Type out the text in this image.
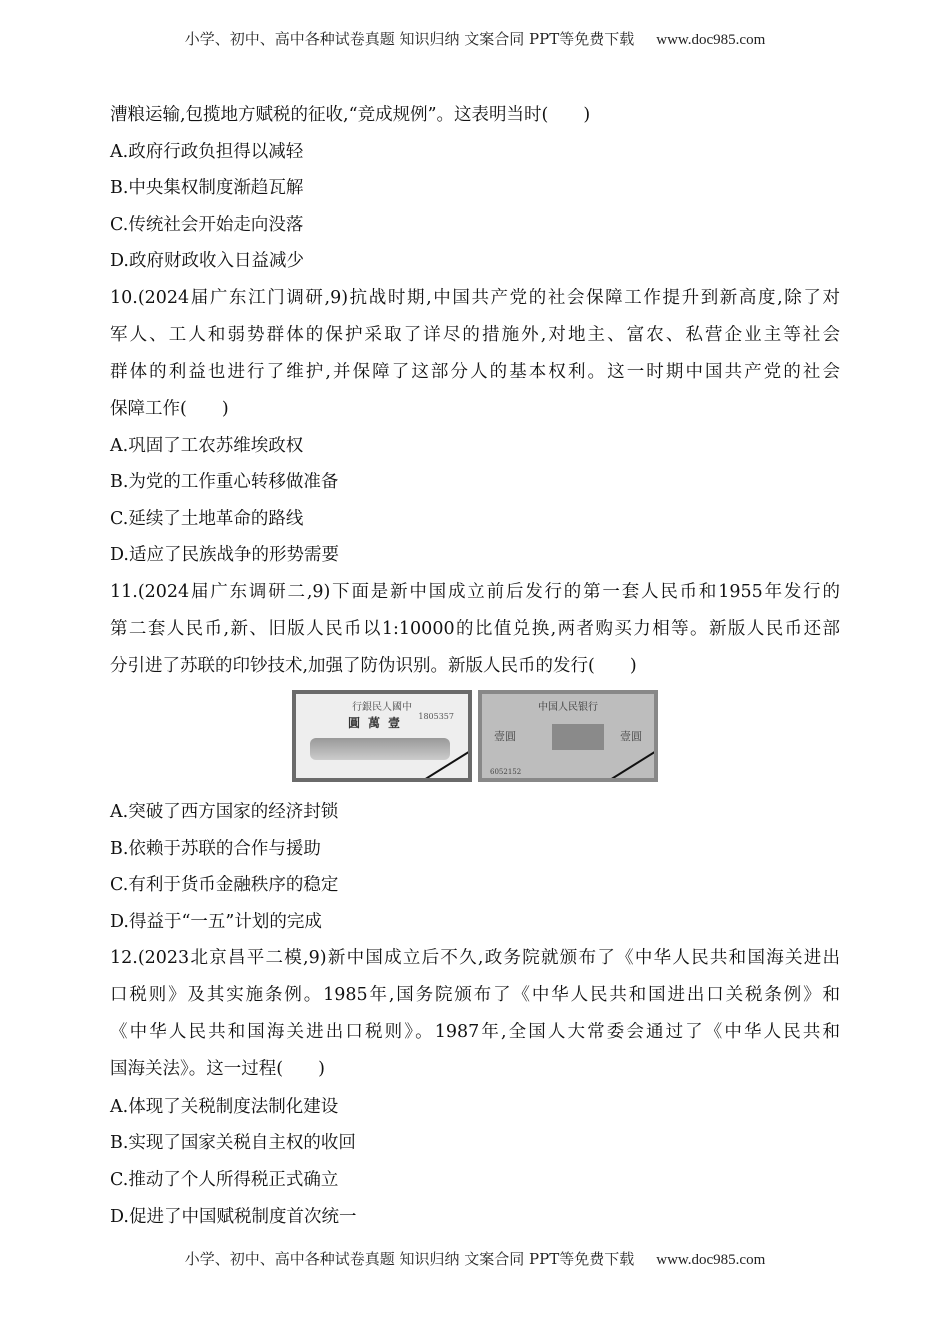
小学、初中、高中各种试卷真题 知识归纳 文案合同 PPT等免费下载 www.doc985.com
漕粮运输,包揽地方赋税的征收,“竞成规例”。这表明当时(　　)
A.政府行政负担得以减轻
B.中央集权制度渐趋瓦解
C.传统社会开始走向没落
D.政府财政收入日益减少
10.(2024届广东江门调研,9)抗战时期,中国共产党的社会保障工作提升到新高度,除了对
军人、工人和弱势群体的保护采取了详尽的措施外,对地主、富农、私营企业主等社会
群体的利益也进行了维护,并保障了这部分人的基本权利。这一时期中国共产党的社会
保障工作(　　)
A.巩固了工农苏维埃政权
B.为党的工作重心转移做准备
C.延续了土地革命的路线
D.适应了民族战争的形势需要
11.(2024届广东调研二,9)下面是新中国成立前后发行的第一套人民币和1955年发行的
第二套人民币,新、旧版人民币以1:10000的比值兑换,两者购买力相等。新版人民币还部
分引进了苏联的印钞技术,加强了防伪识别。新版人民币的发行(　　)
行銀民人國中
圓萬壹 1805357
中国人民银行
壹圓	壹圓
6052152
A.突破了西方国家的经济封锁
B.依赖于苏联的合作与援助
C.有利于货币金融秩序的稳定
D.得益于“一五”计划的完成
12.(2023北京昌平二模,9)新中国成立后不久,政务院就颁布了《中华人民共和国海关进出
口税则》及其实施条例。1985年,国务院颁布了《中华人民共和国进出口关税条例》和
《中华人民共和国海关进出口税则》。1987年,全国人大常委会通过了《中华人民共和
国海关法》。这一过程(　　)
A.体现了关税制度法制化建设
B.实现了国家关税自主权的收回
C.推动了个人所得税正式确立
D.促进了中国赋税制度首次统一
小学、初中、高中各种试卷真题 知识归纳 文案合同 PPT等免费下载 www.doc985.com
